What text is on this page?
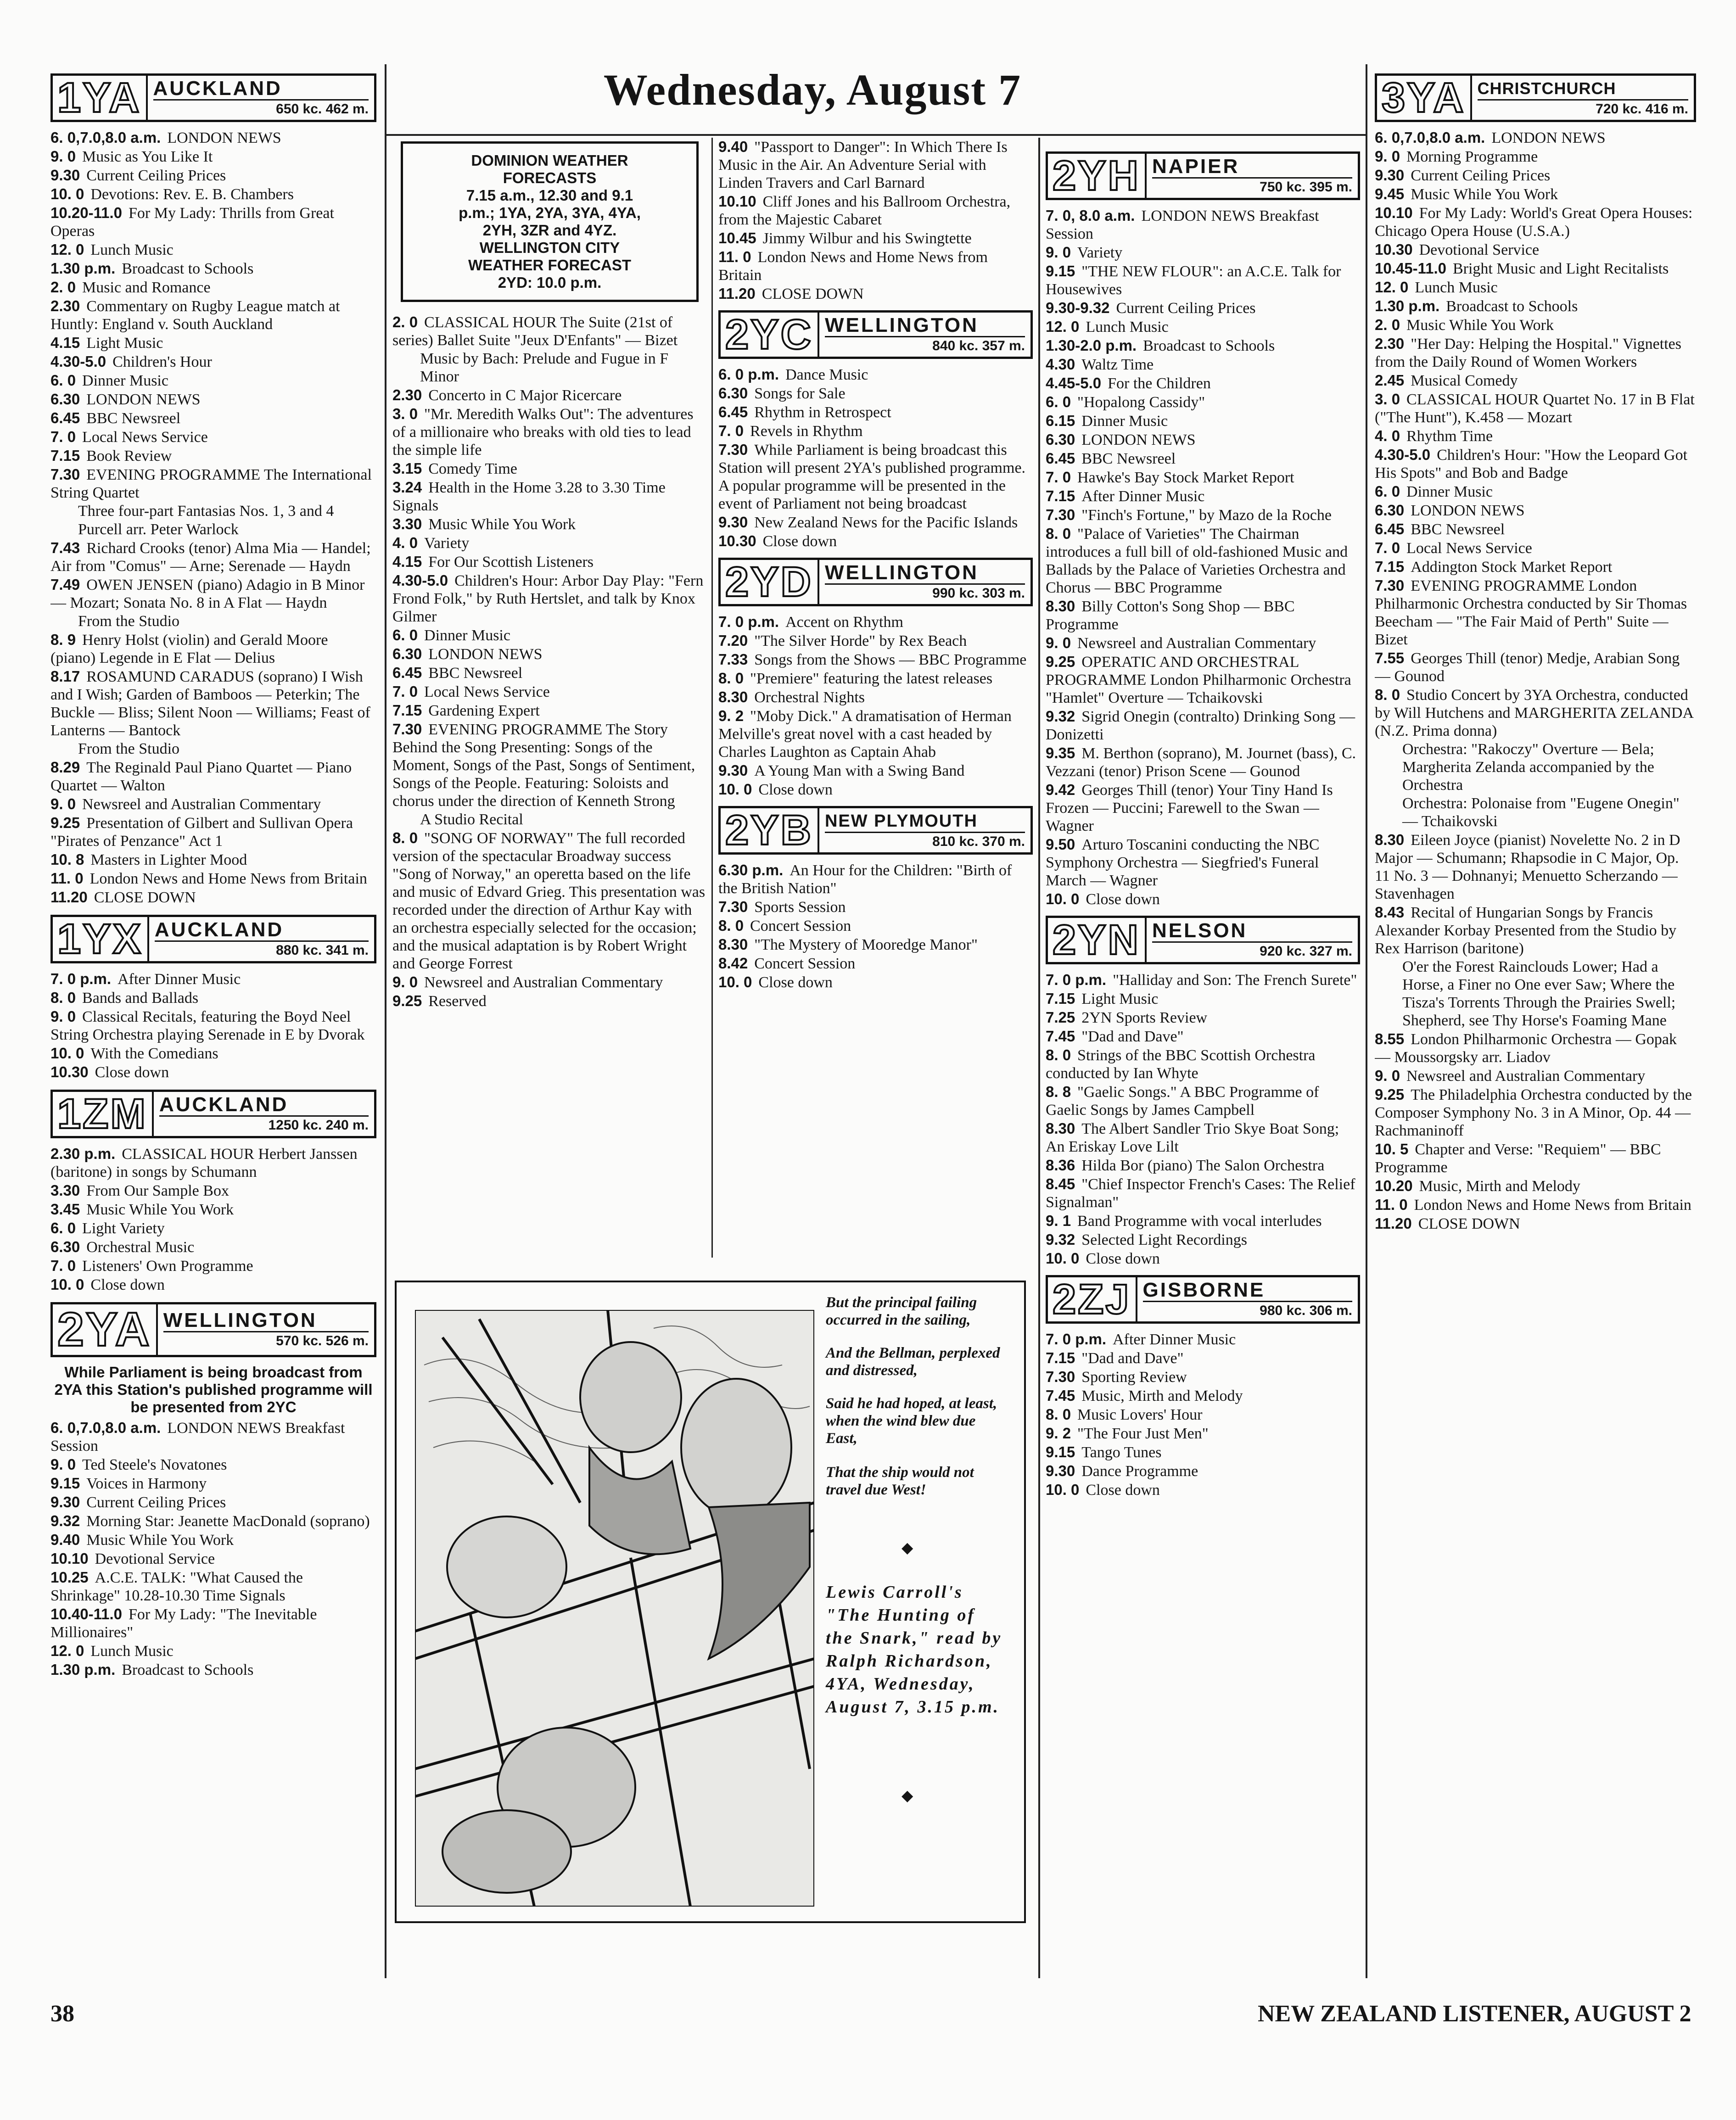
Wednesday, August 7
1YA AUCKLAND
650 kc. 462 m.
6. 0,7.0,8.0 a.m. LONDON NEWS
9. 0 Music as You Like It
9.30 Current Ceiling Prices
10. 0 Devotions: Rev. E. B. Chambers
10.20-11.0 For My Lady: Thrills from Great Operas
12. 0 Lunch Music
1.30 p.m. Broadcast to Schools
2. 0 Music and Romance
2.30 Commentary on Rugby League match at Huntly: England v. South Auckland
4.15 Light Music
4.30-5.0 Children's Hour
6. 0 Dinner Music
6.30 LONDON NEWS
6.45 BBC Newsreel
7. 0 Local News Service
7.15 Book Review
7.30 EVENING PROGRAMME The International String Quartet
Three four-part Fantasias Nos. 1, 3 and 4
Purcell arr. Peter Warlock
7.43 Richard Crooks (tenor) Alma Mia — Handel; Air from "Comus" — Arne; Serenade — Haydn
7.49 OWEN JENSEN (piano) Adagio in B Minor — Mozart; Sonata No. 8 in A Flat — Haydn
From the Studio
8. 9 Henry Holst (violin) and Gerald Moore (piano) Legende in E Flat — Delius
8.17 ROSAMUND CARADUS (soprano) I Wish and I Wish; Garden of Bamboos — Peterkin; The Buckle — Bliss; Silent Noon — Williams; Feast of Lanterns — Bantock
From the Studio
8.29 The Reginald Paul Piano Quartet — Piano Quartet — Walton
9. 0 Newsreel and Australian Commentary
9.25 Presentation of Gilbert and Sullivan Opera "Pirates of Penzance" Act 1
10. 8 Masters in Lighter Mood
11. 0 London News and Home News from Britain
11.20 CLOSE DOWN
1YX AUCKLAND
880 kc. 341 m.
7. 0 p.m. After Dinner Music
8. 0 Bands and Ballads
9. 0 Classical Recitals, featuring the Boyd Neel String Orchestra playing Serenade in E by Dvorak
10. 0 With the Comedians
10.30 Close down
1ZM AUCKLAND
1250 kc. 240 m.
2.30 p.m. CLASSICAL HOUR Herbert Janssen (baritone) in songs by Schumann
3.30 From Our Sample Box
3.45 Music While You Work
6. 0 Light Variety
6.30 Orchestral Music
7. 0 Listeners' Own Programme
10. 0 Close down
2YA WELLINGTON
570 kc. 526 m.
While Parliament is being broadcast from 2YA this Station's published programme will be presented from 2YC
6. 0,7.0,8.0 a.m. LONDON NEWS Breakfast Session
9. 0 Ted Steele's Novatones
9.15 Voices in Harmony
9.30 Current Ceiling Prices
9.32 Morning Star: Jeanette MacDonald (soprano)
9.40 Music While You Work
10.10 Devotional Service
10.25 A.C.E. TALK: "What Caused the Shrinkage" 10.28-10.30 Time Signals
10.40-11.0 For My Lady: "The Inevitable Millionaires"
12. 0 Lunch Music
1.30 p.m. Broadcast to Schools
DOMINION WEATHER
FORECASTS
7.15 a.m., 12.30 and 9.1
p.m.; 1YA, 2YA, 3YA, 4YA,
2YH, 3ZR and 4YZ.
WELLINGTON CITY
WEATHER FORECAST
2YD: 10.0 p.m.
2. 0 CLASSICAL HOUR The Suite (21st of series) Ballet Suite "Jeux D'Enfants" — Bizet
Music by Bach: Prelude and Fugue in F Minor
2.30 Concerto in C Major Ricercare
3. 0 "Mr. Meredith Walks Out": The adventures of a millionaire who breaks with old ties to lead the simple life
3.15 Comedy Time
3.24 Health in the Home 3.28 to 3.30 Time Signals
3.30 Music While You Work
4. 0 Variety
4.15 For Our Scottish Listeners
4.30-5.0 Children's Hour: Arbor Day Play: "Fern Frond Folk," by Ruth Hertslet, and talk by Knox Gilmer
6. 0 Dinner Music
6.30 LONDON NEWS
6.45 BBC Newsreel
7. 0 Local News Service
7.15 Gardening Expert
7.30 EVENING PROGRAMME The Story Behind the Song Presenting: Songs of the Moment, Songs of the Past, Songs of Sentiment, Songs of the People. Featuring: Soloists and chorus under the direction of Kenneth Strong
A Studio Recital
8. 0 "SONG OF NORWAY" The full recorded version of the spectacular Broadway success "Song of Norway," an operetta based on the life and music of Edvard Grieg. This presentation was recorded under the direction of Arthur Kay with an orchestra especially selected for the occasion; and the musical adaptation is by Robert Wright and George Forrest
9. 0 Newsreel and Australian Commentary
9.25 Reserved
9.40 "Passport to Danger": In Which There Is Music in the Air. An Adventure Serial with Linden Travers and Carl Barnard
10.10 Cliff Jones and his Ballroom Orchestra, from the Majestic Cabaret
10.45 Jimmy Wilbur and his Swingtette
11. 0 London News and Home News from Britain
11.20 CLOSE DOWN
2YC WELLINGTON
840 kc. 357 m.
6. 0 p.m. Dance Music
6.30 Songs for Sale
6.45 Rhythm in Retrospect
7. 0 Revels in Rhythm
7.30 While Parliament is being broadcast this Station will present 2YA's published programme. A popular programme will be presented in the event of Parliament not being broadcast
9.30 New Zealand News for the Pacific Islands
10.30 Close down
2YD WELLINGTON
990 kc. 303 m.
7. 0 p.m. Accent on Rhythm
7.20 "The Silver Horde" by Rex Beach
7.33 Songs from the Shows — BBC Programme
8. 0 "Premiere" featuring the latest releases
8.30 Orchestral Nights
9. 2 "Moby Dick." A dramatisation of Herman Melville's great novel with a cast headed by Charles Laughton as Captain Ahab
9.30 A Young Man with a Swing Band
10. 0 Close down
2YB NEW PLYMOUTH
810 kc. 370 m.
6.30 p.m. An Hour for the Children: "Birth of the British Nation"
7.30 Sports Session
8. 0 Concert Session
8.30 "The Mystery of Mooredge Manor"
8.42 Concert Session
10. 0 Close down
But the principal failing occurred in the sailing,
And the Bellman, perplexed and distressed,
Said he had hoped, at least, when the wind blew due East,
That the ship would not travel due West!
◆
Lewis Carroll's "The Hunting of the Snark," read by Ralph Richardson, 4YA, Wednesday, August 7, 3.15 p.m.
◆
2YH NAPIER
750 kc. 395 m.
7. 0, 8.0 a.m. LONDON NEWS Breakfast Session
9. 0 Variety
9.15 "THE NEW FLOUR": an A.C.E. Talk for Housewives
9.30-9.32 Current Ceiling Prices
12. 0 Lunch Music
1.30-2.0 p.m. Broadcast to Schools
4.30 Waltz Time
4.45-5.0 For the Children
6. 0 "Hopalong Cassidy"
6.15 Dinner Music
6.30 LONDON NEWS
6.45 BBC Newsreel
7. 0 Hawke's Bay Stock Market Report
7.15 After Dinner Music
7.30 "Finch's Fortune," by Mazo de la Roche
8. 0 "Palace of Varieties" The Chairman introduces a full bill of old-fashioned Music and Ballads by the Palace of Varieties Orchestra and Chorus — BBC Programme
8.30 Billy Cotton's Song Shop — BBC Programme
9. 0 Newsreel and Australian Commentary
9.25 OPERATIC AND ORCHESTRAL PROGRAMME London Philharmonic Orchestra "Hamlet" Overture — Tchaikovski
9.32 Sigrid Onegin (contralto) Drinking Song — Donizetti
9.35 M. Berthon (soprano), M. Journet (bass), C. Vezzani (tenor) Prison Scene — Gounod
9.42 Georges Thill (tenor) Your Tiny Hand Is Frozen — Puccini; Farewell to the Swan — Wagner
9.50 Arturo Toscanini conducting the NBC Symphony Orchestra — Siegfried's Funeral March — Wagner
10. 0 Close down
2YN NELSON
920 kc. 327 m.
7. 0 p.m. "Halliday and Son: The French Surete"
7.15 Light Music
7.25 2YN Sports Review
7.45 "Dad and Dave"
8. 0 Strings of the BBC Scottish Orchestra conducted by Ian Whyte
8. 8 "Gaelic Songs." A BBC Programme of Gaelic Songs by James Campbell
8.30 The Albert Sandler Trio Skye Boat Song; An Eriskay Love Lilt
8.36 Hilda Bor (piano) The Salon Orchestra
8.45 "Chief Inspector French's Cases: The Relief Signalman"
9. 1 Band Programme with vocal interludes
9.32 Selected Light Recordings
10. 0 Close down
2ZJ GISBORNE
980 kc. 306 m.
7. 0 p.m. After Dinner Music
7.15 "Dad and Dave"
7.30 Sporting Review
7.45 Music, Mirth and Melody
8. 0 Music Lovers' Hour
9. 2 "The Four Just Men"
9.15 Tango Tunes
9.30 Dance Programme
10. 0 Close down
3YA CHRISTCHURCH
720 kc. 416 m.
6. 0,7.0,8.0 a.m. LONDON NEWS
9. 0 Morning Programme
9.30 Current Ceiling Prices
9.45 Music While You Work
10.10 For My Lady: World's Great Opera Houses: Chicago Opera House (U.S.A.)
10.30 Devotional Service
10.45-11.0 Bright Music and Light Recitalists
12. 0 Lunch Music
1.30 p.m. Broadcast to Schools
2. 0 Music While You Work
2.30 "Her Day: Helping the Hospital." Vignettes from the Daily Round of Women Workers
2.45 Musical Comedy
3. 0 CLASSICAL HOUR Quartet No. 17 in B Flat ("The Hunt"), K.458 — Mozart
4. 0 Rhythm Time
4.30-5.0 Children's Hour: "How the Leopard Got His Spots" and Bob and Badge
6. 0 Dinner Music
6.30 LONDON NEWS
6.45 BBC Newsreel
7. 0 Local News Service
7.15 Addington Stock Market Report
7.30 EVENING PROGRAMME London Philharmonic Orchestra conducted by Sir Thomas Beecham — "The Fair Maid of Perth" Suite — Bizet
7.55 Georges Thill (tenor) Medje, Arabian Song — Gounod
8. 0 Studio Concert by 3YA Orchestra, conducted by Will Hutchens and MARGHERITA ZELANDA (N.Z. Prima donna)
Orchestra: "Rakoczy" Overture — Bela; Margherita Zelanda accompanied by the Orchestra
Orchestra: Polonaise from "Eugene Onegin" — Tchaikovski
8.30 Eileen Joyce (pianist) Novelette No. 2 in D Major — Schumann; Rhapsodie in C Major, Op. 11 No. 3 — Dohnanyi; Menuetto Scherzando — Stavenhagen
8.43 Recital of Hungarian Songs by Francis Alexander Korbay Presented from the Studio by Rex Harrison (baritone)
O'er the Forest Rainclouds Lower; Had a Horse, a Finer no One ever Saw; Where the Tisza's Torrents Through the Prairies Swell; Shepherd, see Thy Horse's Foaming Mane
8.55 London Philharmonic Orchestra — Gopak — Moussorgsky arr. Liadov
9. 0 Newsreel and Australian Commentary
9.25 The Philadelphia Orchestra conducted by the Composer Symphony No. 3 in A Minor, Op. 44 — Rachmaninoff
10. 5 Chapter and Verse: "Requiem" — BBC Programme
10.20 Music, Mirth and Melody
11. 0 London News and Home News from Britain
11.20 CLOSE DOWN
38	NEW ZEALAND LISTENER, AUGUST 2
